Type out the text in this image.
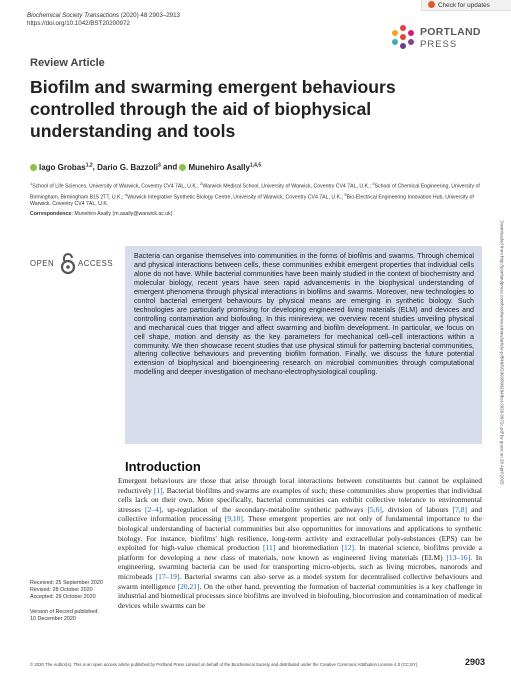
Biochemical Society Transactions (2020) 48 2903–2913
https://doi.org/10.1042/BST20200972
Check for updates
PORTLAND
PRESS
Review Article
Biofilm and swarming emergent behaviours controlled through the aid of biophysical understanding and tools
Iago Grobas$^{1,2}$, Dario G. Bazzoli$^3$ and Munehiro Asally$^{1,4,5}$
$^1$School of Life Sciences, University of Warwick, Coventry CV4 7AL, U.K.; $^2$Warwick Medical School, University of Warwick, Coventry CV4 7AL, U.K.; $^3$School of Chemical Engineering, University of Birmingham, Birmingham B15 2TT, U.K.; $^4$Warwick Integrative Synthetic Biology Centre, University of Warwick, Coventry CV4 7AL, U.K.; $^5$Bio-Electrical Engineering Innovation Hub, University of Warwick, Coventry CV4 7AL, U.K.
Correspondence: Munehiro Asally (m.asally@warwick.ac.uk)
Downloaded from http://portlandpress.com/biochemsoctrans/article-pdf/48/6/2903/899294/bst-2020-0972c.pdf by guest on 28 April 2025
OPEN	ACCESS
Bacteria can organise themselves into communities in the forms of biofilms and swarms. Through chemical and physical interactions between cells, these communities exhibit emergent properties that individual cells alone do not have. While bacterial communities have been mainly studied in the context of biochemistry and molecular biology, recent years have seen rapid advancements in the biophysical understanding of emergent phenomena through physical interactions in biofilms and swarms. Moreover, new technologies to control bacterial emergent behaviours by physical means are emerging in synthetic biology. Such technologies are particularly promising for developing engineered living materials (ELM) and devices and controlling contamination and biofouling. In this minireview, we overview recent studies unveiling physical and mechanical cues that trigger and affect swarming and biofilm development. In particular, we focus on cell shape, motion and density as the key parameters for mechanical cell–cell interactions within a community. We then showcase recent studies that use physical stimuli for patterning bacterial communities, altering collective behaviours and preventing biofilm formation. Finally, we discuss the future potential extension of biophysical and bioengineering research on microbial communities through computational modelling and deeper investigation of mechano-electrophysiological coupling.
Introduction
Emergent behaviours are those that arise through local interactions between constituents but cannot be explained reductively [1]. Bacterial biofilms and swarms are examples of such; these communities show properties that individual cells lack on their own. More specifically, bacterial communities can exhibit collective tolerance to environmental stresses [2–4], up-regulation of the secondary-metabolite synthetic pathways [5,6], division of labours [7,8] and collective information processing [9,10]. These emergent properties are not only of fundamental importance to the biological understanding of bacterial communities but also opportunities for innovations and applications to synthetic biology. For instance, biofilms' high resilience, long-term activity and extracellular poly-substances (EPS) can be exploited for high-value chemical production [11] and bioremediation [12]. In material science, biofilms provide a platform for developing a new class of materials, now known as engineered living materials (ELM) [13–16]. In engineering, swarming bacteria can be used for transporting micro-objects, such as living microbes, nanorods and microbeads [17–19]. Bacterial swarms can also serve as a model system for decentralised collective behaviours and swarm intelligence [20,21]. On the other hand, preventing the formation of bacterial communities is a key challenge in industrial and biomedical processes since biofilms are involved in biofouling, biocorrosion and contamination of medical devices while swarms can be
Received: 25 September 2020
Revised: 28 October 2020
Accepted: 29 October 2020

Version of Record published:
10 December 2020
© 2020 The Author(s). This is an open access article published by Portland Press Limited on behalf of the Biochemical Society and distributed under the Creative Commons Attribution License 4.0 (CC BY).	2903
